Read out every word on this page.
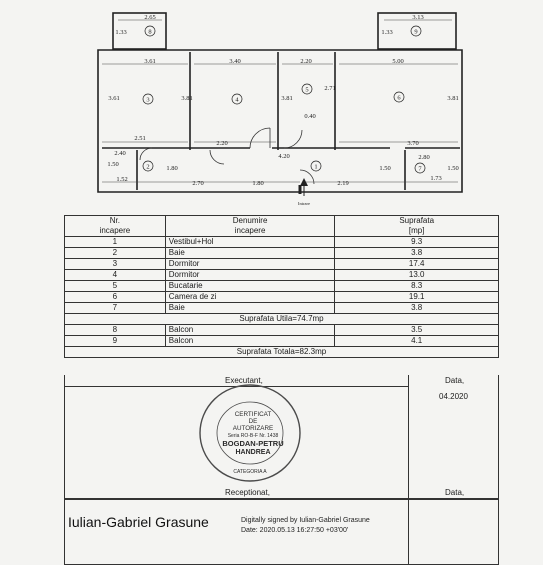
2.65
1.33
3.13
1.33
3.61	3.40	2.20	5.00
3.61	3.81	3.81
2.71
3.81
0.40
2.51
2.20	3.70
4.20
2.40
1.50
1.52
1.80
2.80
1.50	1.50
1.73
2.70	1.80	2.19
1
2
3	4
5
6
7
8	9
Intrare
Nr.	Denumire	Suprafata
incapere	incapere	[mp]
1	Vestibul+Hol	9.3
2	Baie	3.8
3	Dormitor	17.4
4	Dormitor	13.0
5	Bucatarie	8.3
6	Camera de zi	19.1
7	Baie	3.8
Suprafata Utila=74.7mp		
8	Balcon	3.5
9	Balcon	4.1
Suprafata Totala=82.3mp		
Executant,	Data,
04.2020
CERTIFICAT
DE
AUTORIZARE
Seria RO-B-F Nr. 1438
BOGDAN-PETRU
HANDREA
CATEGORIA A
Receptionat,	Data,
Iulian-Gabriel Grasune	Digitally signed by Iulian-Gabriel Grasune
Date: 2020.05.13 16:27:50 +03'00'
